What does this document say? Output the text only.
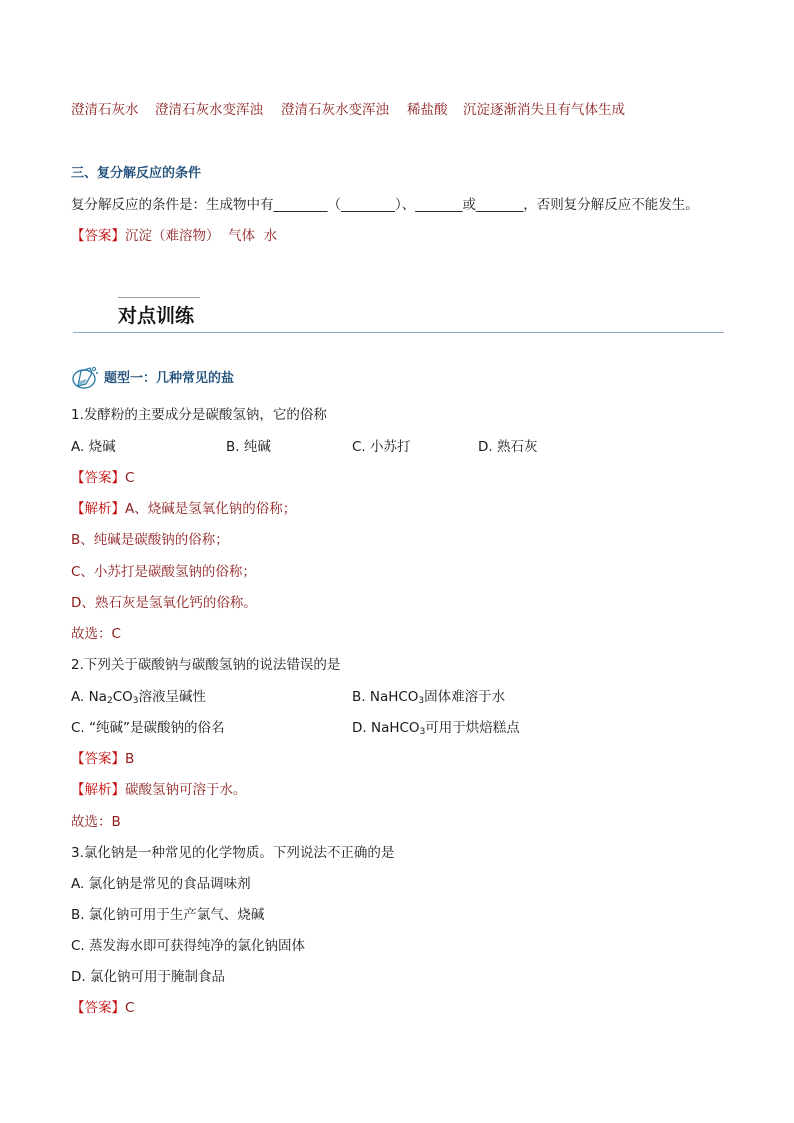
澄清石灰水 澄清石灰水变浑浊 澄清石灰水变浑浊 稀盐酸 沉淀逐渐消失且有气体生成
三、复分解反应的条件
复分解反应的条件是：生成物中有________（________）、_______或_______，否则复分解反应不能发生。
【答案】沉淀（难溶物）  气体  水
对点训练
题型一：几种常见的盐
1.发酵粉的主要成分是碳酸氢钠，它的俗称
A. 烧碱	B. 纯碱	C. 小苏打	D. 熟石灰
【答案】C
【解析】A、烧碱是氢氧化钠的俗称；
B、纯碱是碳酸钠的俗称；
C、小苏打是碳酸氢钠的俗称；
D、熟石灰是氢氧化钙的俗称。
故选：C
2.下列关于碳酸钠与碳酸氢钠的说法错误的是
A. $Na_2CO_3$溶液呈碱性	B. NaHCO$_3$固体难溶于水
C. “纯碱”是碳酸钠的俗名	D. NaHCO$_3$可用于烘焙糕点
【答案】B
【解析】碳酸氢钠可溶于水。
故选：B
3.氯化钠是一种常见的化学物质。下列说法不正确的是
A. 氯化钠是常见的食品调味剂
B. 氯化钠可用于生产氯气、烧碱
C. 蒸发海水即可获得纯净的氯化钠固体
D. 氯化钠可用于腌制食品
【答案】C
